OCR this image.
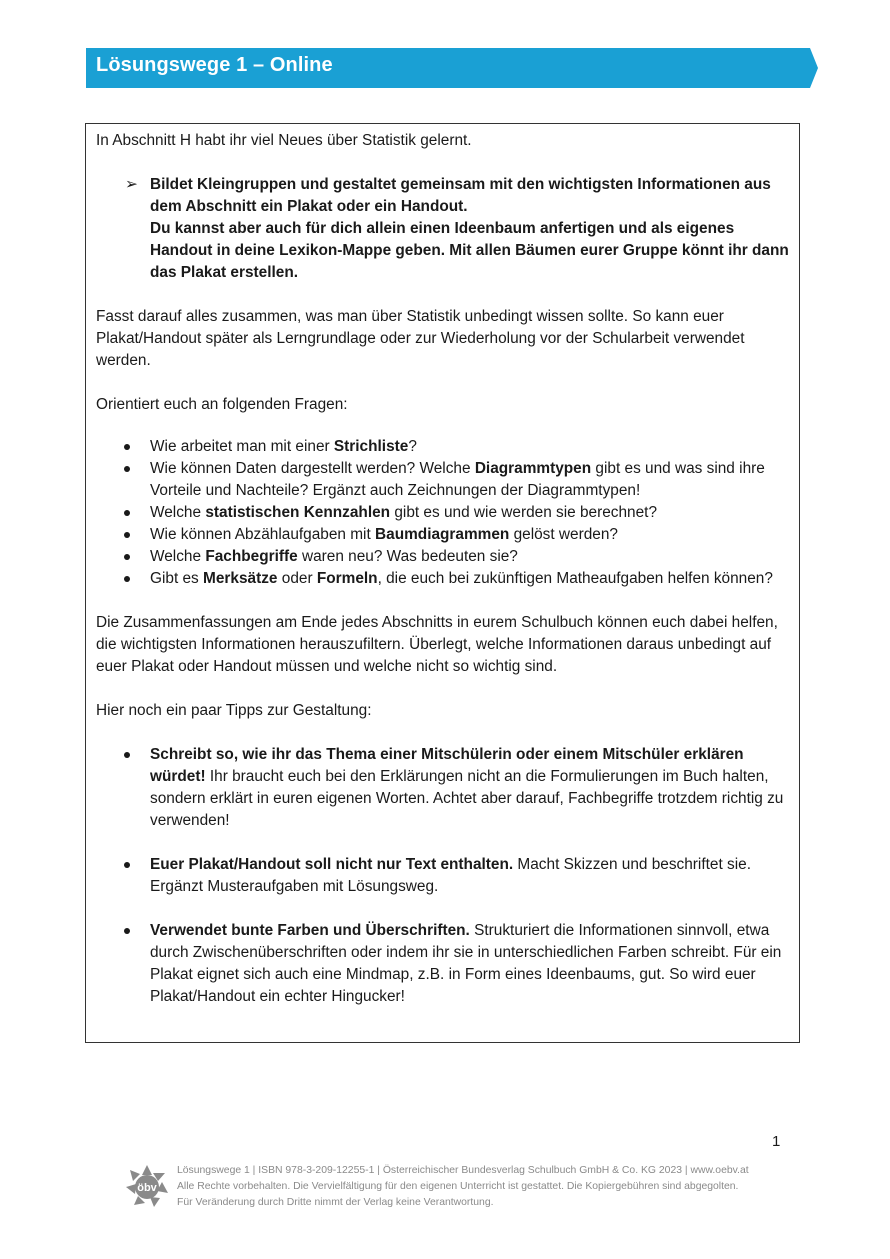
Lösungswege 1 – Online

In Abschnitt H habt ihr viel Neues über Statistik gelernt.

➢ Bildet Kleingruppen und gestaltet gemeinsam mit den wichtigsten Informationen aus dem Abschnitt ein Plakat oder ein Handout.
Du kannst aber auch für dich allein einen Ideenbaum anfertigen und als eigenes Handout in deine Lexikon-Mappe geben. Mit allen Bäumen eurer Gruppe könnt ihr dann das Plakat erstellen.

Fasst darauf alles zusammen, was man über Statistik unbedingt wissen sollte. So kann euer Plakat/Handout später als Lerngrundlage oder zur Wiederholung vor der Schularbeit verwendet werden.

Orientiert euch an folgenden Fragen:

Wie arbeitet man mit einer Strichliste?
Wie können Daten dargestellt werden? Welche Diagrammtypen gibt es und was sind ihre Vorteile und Nachteile? Ergänzt auch Zeichnungen der Diagrammtypen!
Welche statistischen Kennzahlen gibt es und wie werden sie berechnet?
Wie können Abzählaufgaben mit Baumdiagrammen gelöst werden?
Welche Fachbegriffe waren neu? Was bedeuten sie?
Gibt es Merksätze oder Formeln, die euch bei zukünftigen Matheaufgaben helfen können?

Die Zusammenfassungen am Ende jedes Abschnitts in eurem Schulbuch können euch dabei helfen, die wichtigsten Informationen herauszufiltern. Überlegt, welche Informationen daraus unbedingt auf euer Plakat oder Handout müssen und welche nicht so wichtig sind.

Hier noch ein paar Tipps zur Gestaltung:

Schreibt so, wie ihr das Thema einer Mitschülerin oder einem Mitschüler erklären würdet! Ihr braucht euch bei den Erklärungen nicht an die Formulierungen im Buch halten, sondern erklärt in euren eigenen Worten. Achtet aber darauf, Fachbegriffe trotzdem richtig zu verwenden!
Euer Plakat/Handout soll nicht nur Text enthalten. Macht Skizzen und beschriftet sie. Ergänzt Musteraufgaben mit Lösungsweg.
Verwendet bunte Farben und Überschriften. Strukturiert die Informationen sinnvoll, etwa durch Zwischenüberschriften oder indem ihr sie in unterschiedlichen Farben schreibt. Für ein Plakat eignet sich auch eine Mindmap, z.B. in Form eines Ideenbaums, gut. So wird euer Plakat/Handout ein echter Hingucker!
1
öbv
Lösungswege 1 | ISBN 978-3-209-12255-1 | Österreichischer Bundesverlag Schulbuch GmbH & Co. KG 2023 | www.oebv.at
Alle Rechte vorbehalten. Die Vervielfältigung für den eigenen Unterricht ist gestattet. Die Kopiergebühren sind abgegolten.
Für Veränderung durch Dritte nimmt der Verlag keine Verantwortung.
